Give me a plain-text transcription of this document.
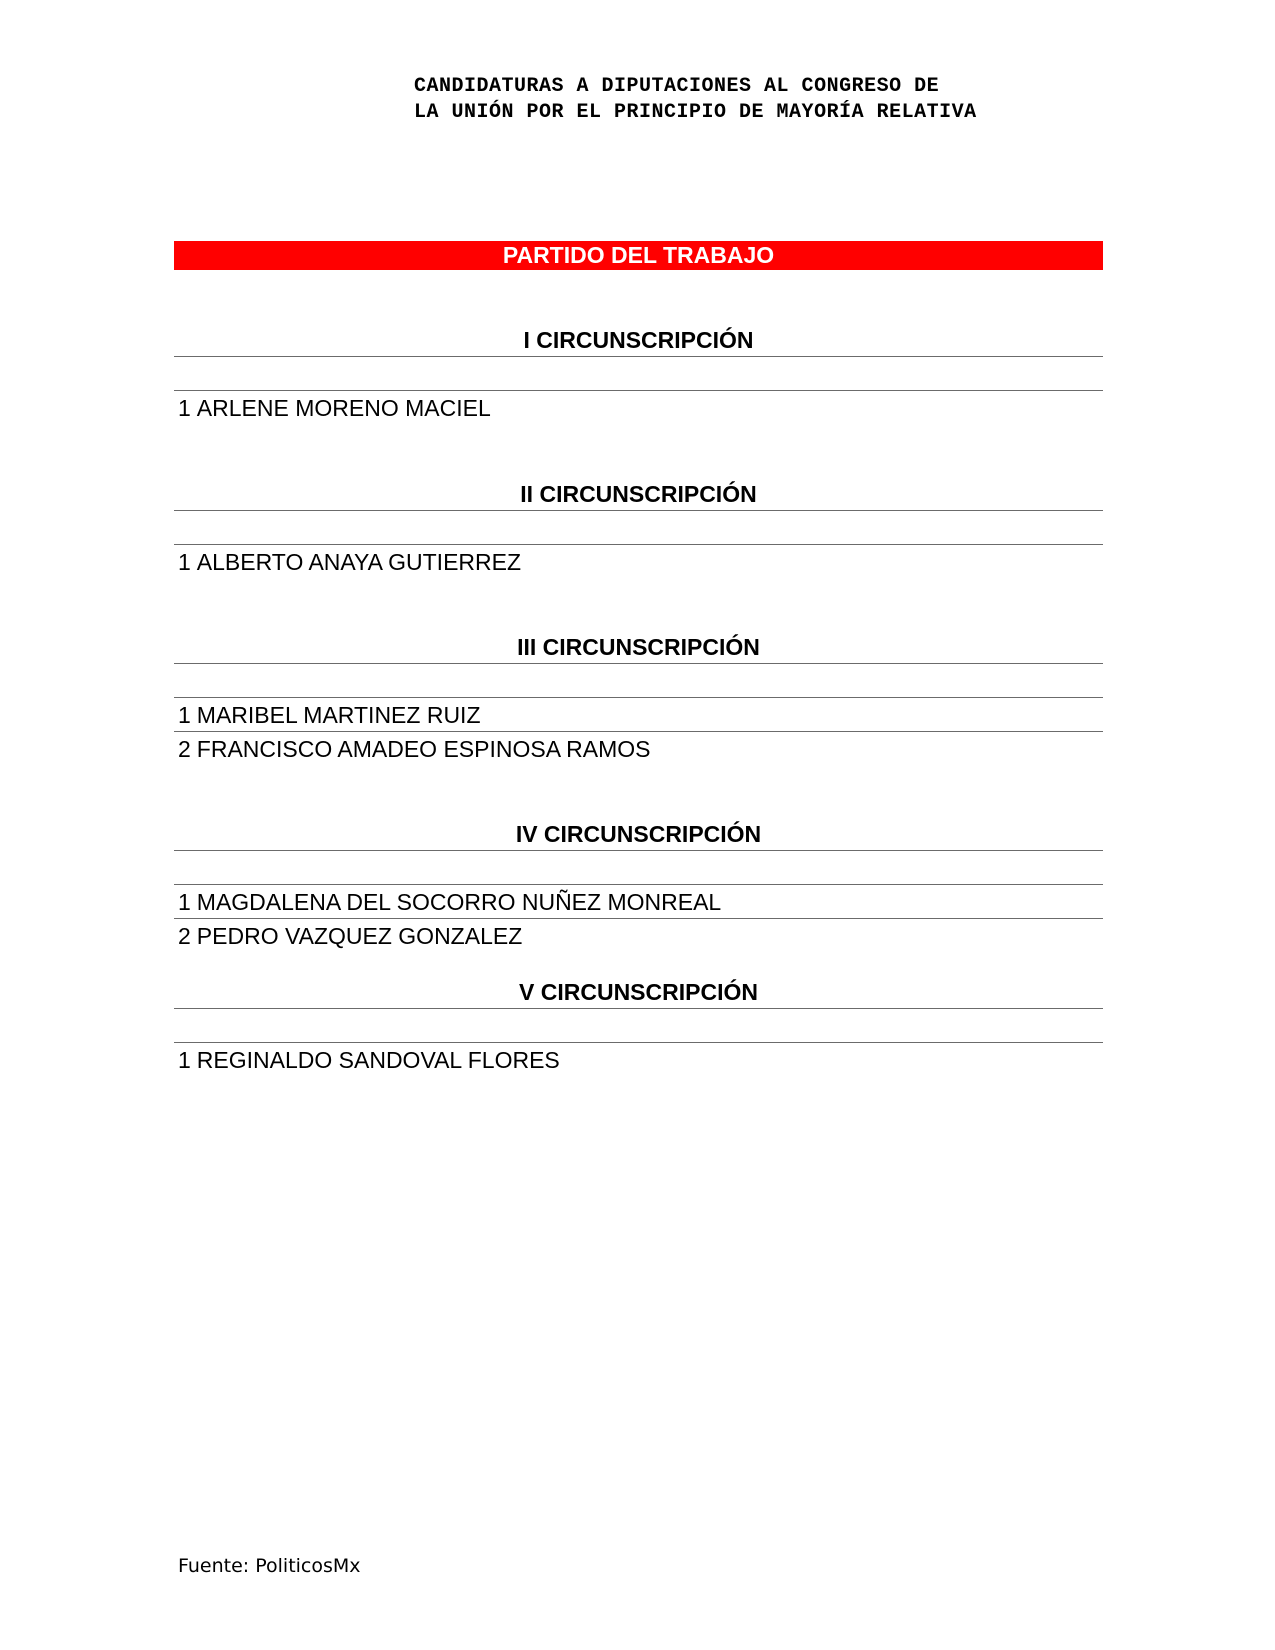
CANDIDATURAS A DIPUTACIONES AL CONGRESO DE
LA UNIÓN POR EL PRINCIPIO DE MAYORÍA RELATIVA
PARTIDO DEL TRABAJO
I CIRCUNSCRIPCIÓN
1 ARLENE MORENO MACIEL
II CIRCUNSCRIPCIÓN
1 ALBERTO ANAYA GUTIERREZ
III CIRCUNSCRIPCIÓN
1 MARIBEL MARTINEZ RUIZ
2 FRANCISCO AMADEO ESPINOSA RAMOS
IV CIRCUNSCRIPCIÓN
1 MAGDALENA DEL SOCORRO NUÑEZ MONREAL
2 PEDRO VAZQUEZ GONZALEZ
V CIRCUNSCRIPCIÓN
1 REGINALDO SANDOVAL FLORES
Fuente: PoliticosMx
